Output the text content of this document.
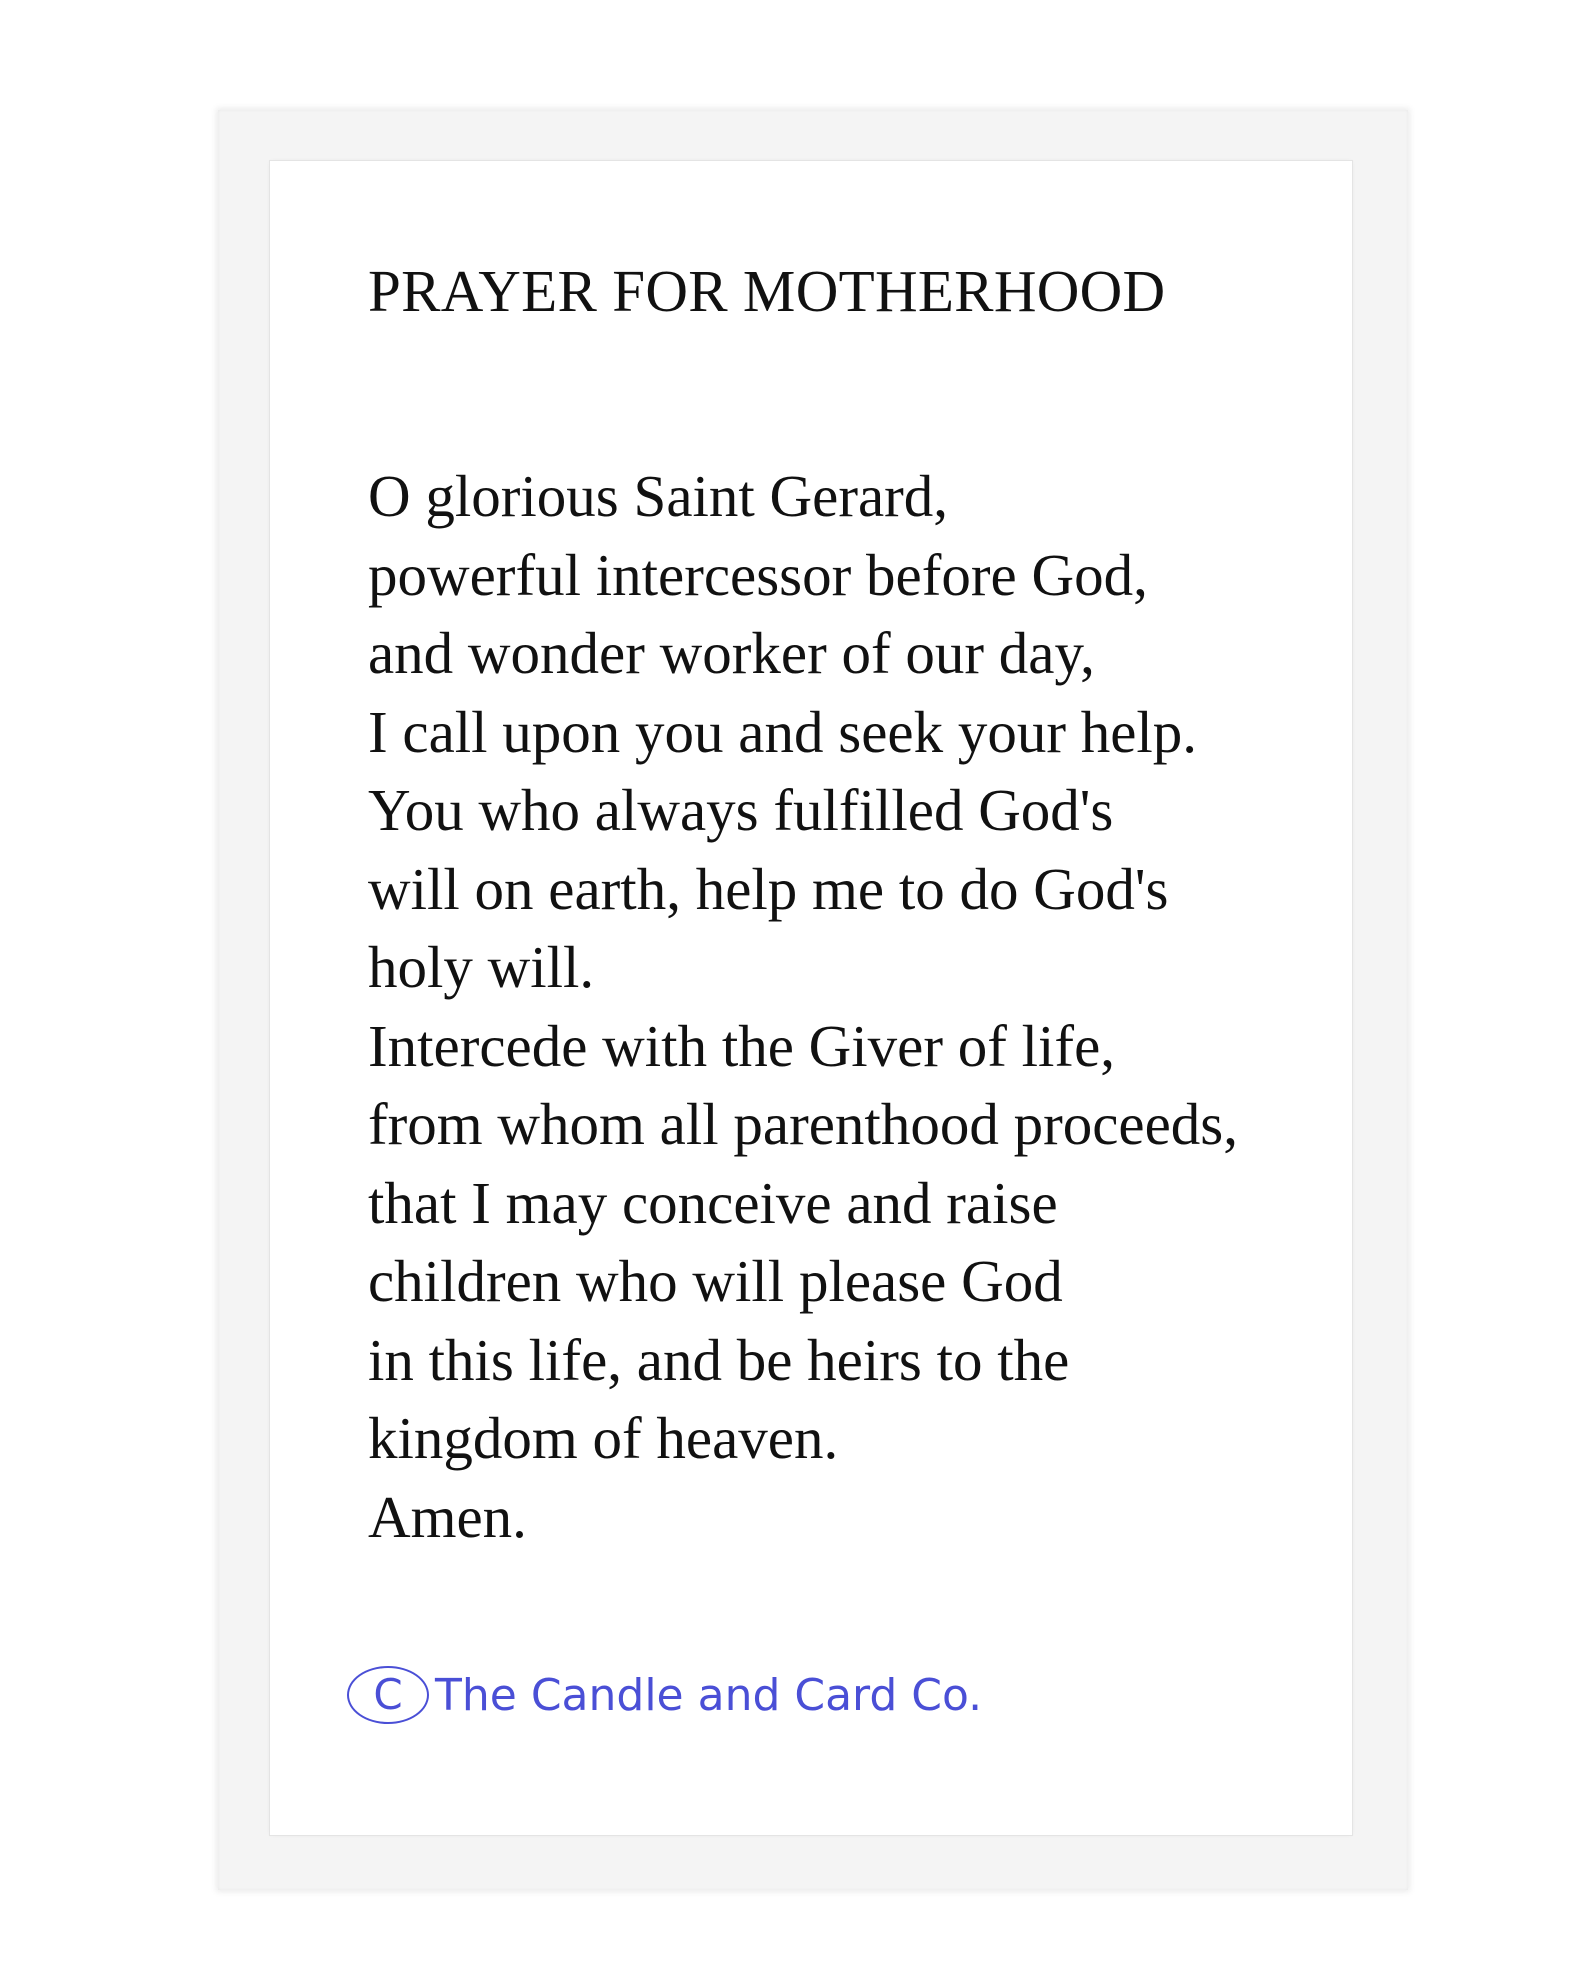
PRAYER FOR MOTHERHOOD
O glorious Saint Gerard,
powerful intercessor before God,
and wonder worker of our day,
I call upon you and seek your help.
You who always fulfilled God's
will on earth, help me to do God's
holy will.
Intercede with the Giver of life,
from whom all parenthood proceeds,
that I may conceive and raise
children who will please God
in this life, and be heirs to the
kingdom of heaven.
Amen.
C The Candle and Card Co.
